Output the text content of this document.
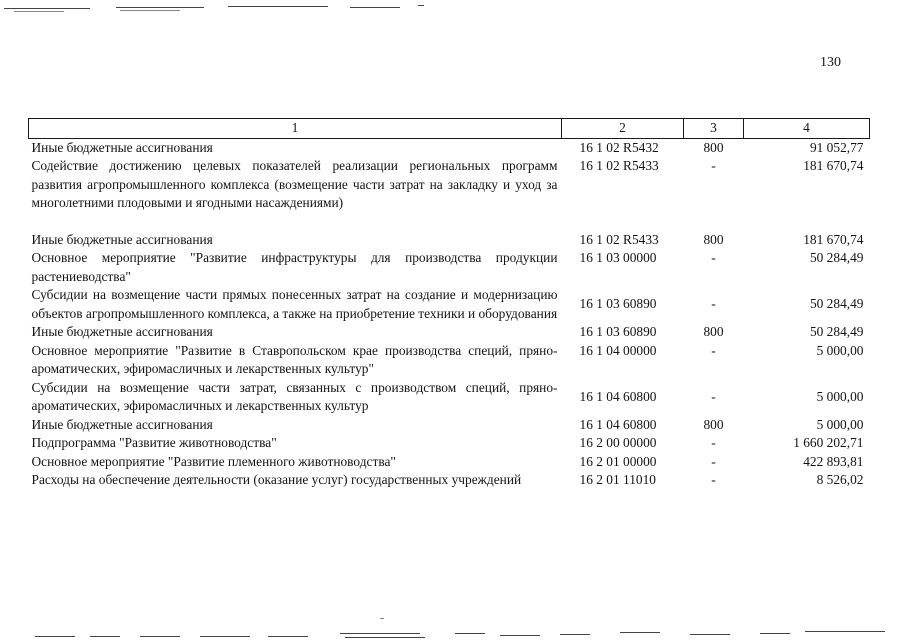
130
1	2	3	4
Иные бюджетные ассигнования	16 1 02 R5432	800	91 052,77
Содействие достижению целевых показателей реализации региональных программ развития агропромышленного комплекса (возмещение части затрат на закладку и уход за многолетними плодовыми и ягодными насаждениями)	16 1 02 R5433	-	181 670,74

Иные бюджетные ассигнования	16 1 02 R5433	800	181 670,74
Основное мероприятие "Развитие инфраструктуры для производства продукции растениеводства"	16 1 03 00000	-	50 284,49
Субсидии на возмещение части прямых понесенных затрат на создание и модернизацию объектов агропромышленного комплекса, а также на приобретение техники и оборудования	16 1 03 60890	-	50 284,49
Иные бюджетные ассигнования	16 1 03 60890	800	50 284,49
Основное мероприятие "Развитие в Ставропольском крае производства специй, пряно-ароматических, эфиромасличных и лекарственных культур"	16 1 04 00000	-	5 000,00
Субсидии на возмещение части затрат, связанных с производством специй, пряно-ароматических, эфиромасличных и лекарственных культур	16 1 04 60800	-	5 000,00
Иные бюджетные ассигнования	16 1 04 60800	800	5 000,00
Подпрограмма "Развитие животноводства"	16 2 00 00000	-	1 660 202,71
Основное мероприятие "Развитие племенного животноводства"	16 2 01 00000	-	422 893,81
Расходы на обеспечение деятельности (оказание услуг) государственных учреждений	16 2 01 11010	-	8 526,02
